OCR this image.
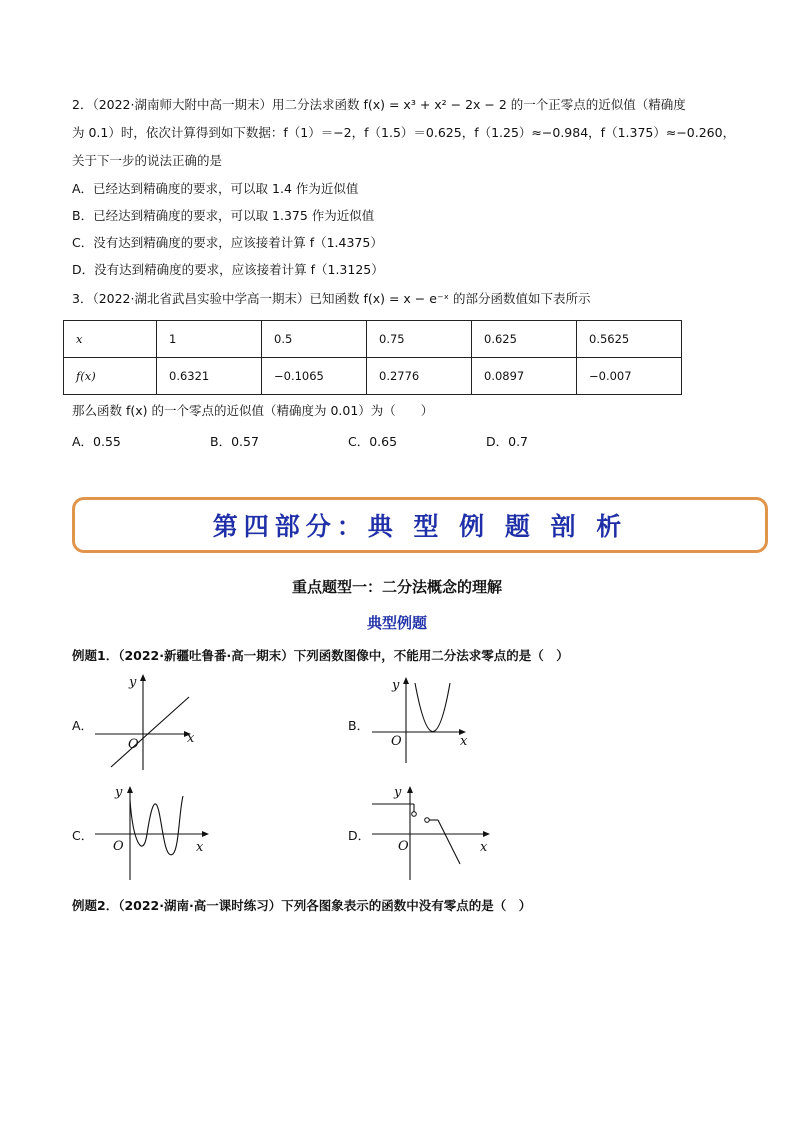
2．（2022·湖南师大附中高一期末）用二分法求函数 f(x) = x³ + x² − 2x − 2 的一个正零点的近似值（精确度
为 0.1）时，依次计算得到如下数据：f（1）＝−2，f（1.5）＝0.625，f（1.25）≈−0.984，f（1.375）≈−0.260，
关于下一步的说法正确的是
A．已经达到精确度的要求，可以取 1.4 作为近似值
B．已经达到精确度的要求，可以取 1.375 作为近似值
C．没有达到精确度的要求，应该接着计算 f（1.4375）
D．没有达到精确度的要求，应该接着计算 f（1.3125）
3．（2022·湖北省武昌实验中学高一期末）已知函数 f(x) = x − e⁻ˣ 的部分函数值如下表所示
x	1	0.5	0.75	0.625	0.5625
f(x)	0.6321	−0.1065	0.2776	0.0897	−0.007
那么函数 f(x) 的一个零点的近似值（精确度为 0.01）为（　　）
A．0.55	B．0.57	C．0.65	D．0.7
第四部分：典 型 例 题 剖 析
重点题型一：二分法概念的理解
典型例题
例题1．（2022·新疆吐鲁番·高一期末）下列函数图像中，不能用二分法求零点的是（　）
A．
y
x
O
B．
y
x
O
C．
y
x
O
D．
y
x
O
例题2．（2022·湖南·高一课时练习）下列各图象表示的函数中没有零点的是（　）
